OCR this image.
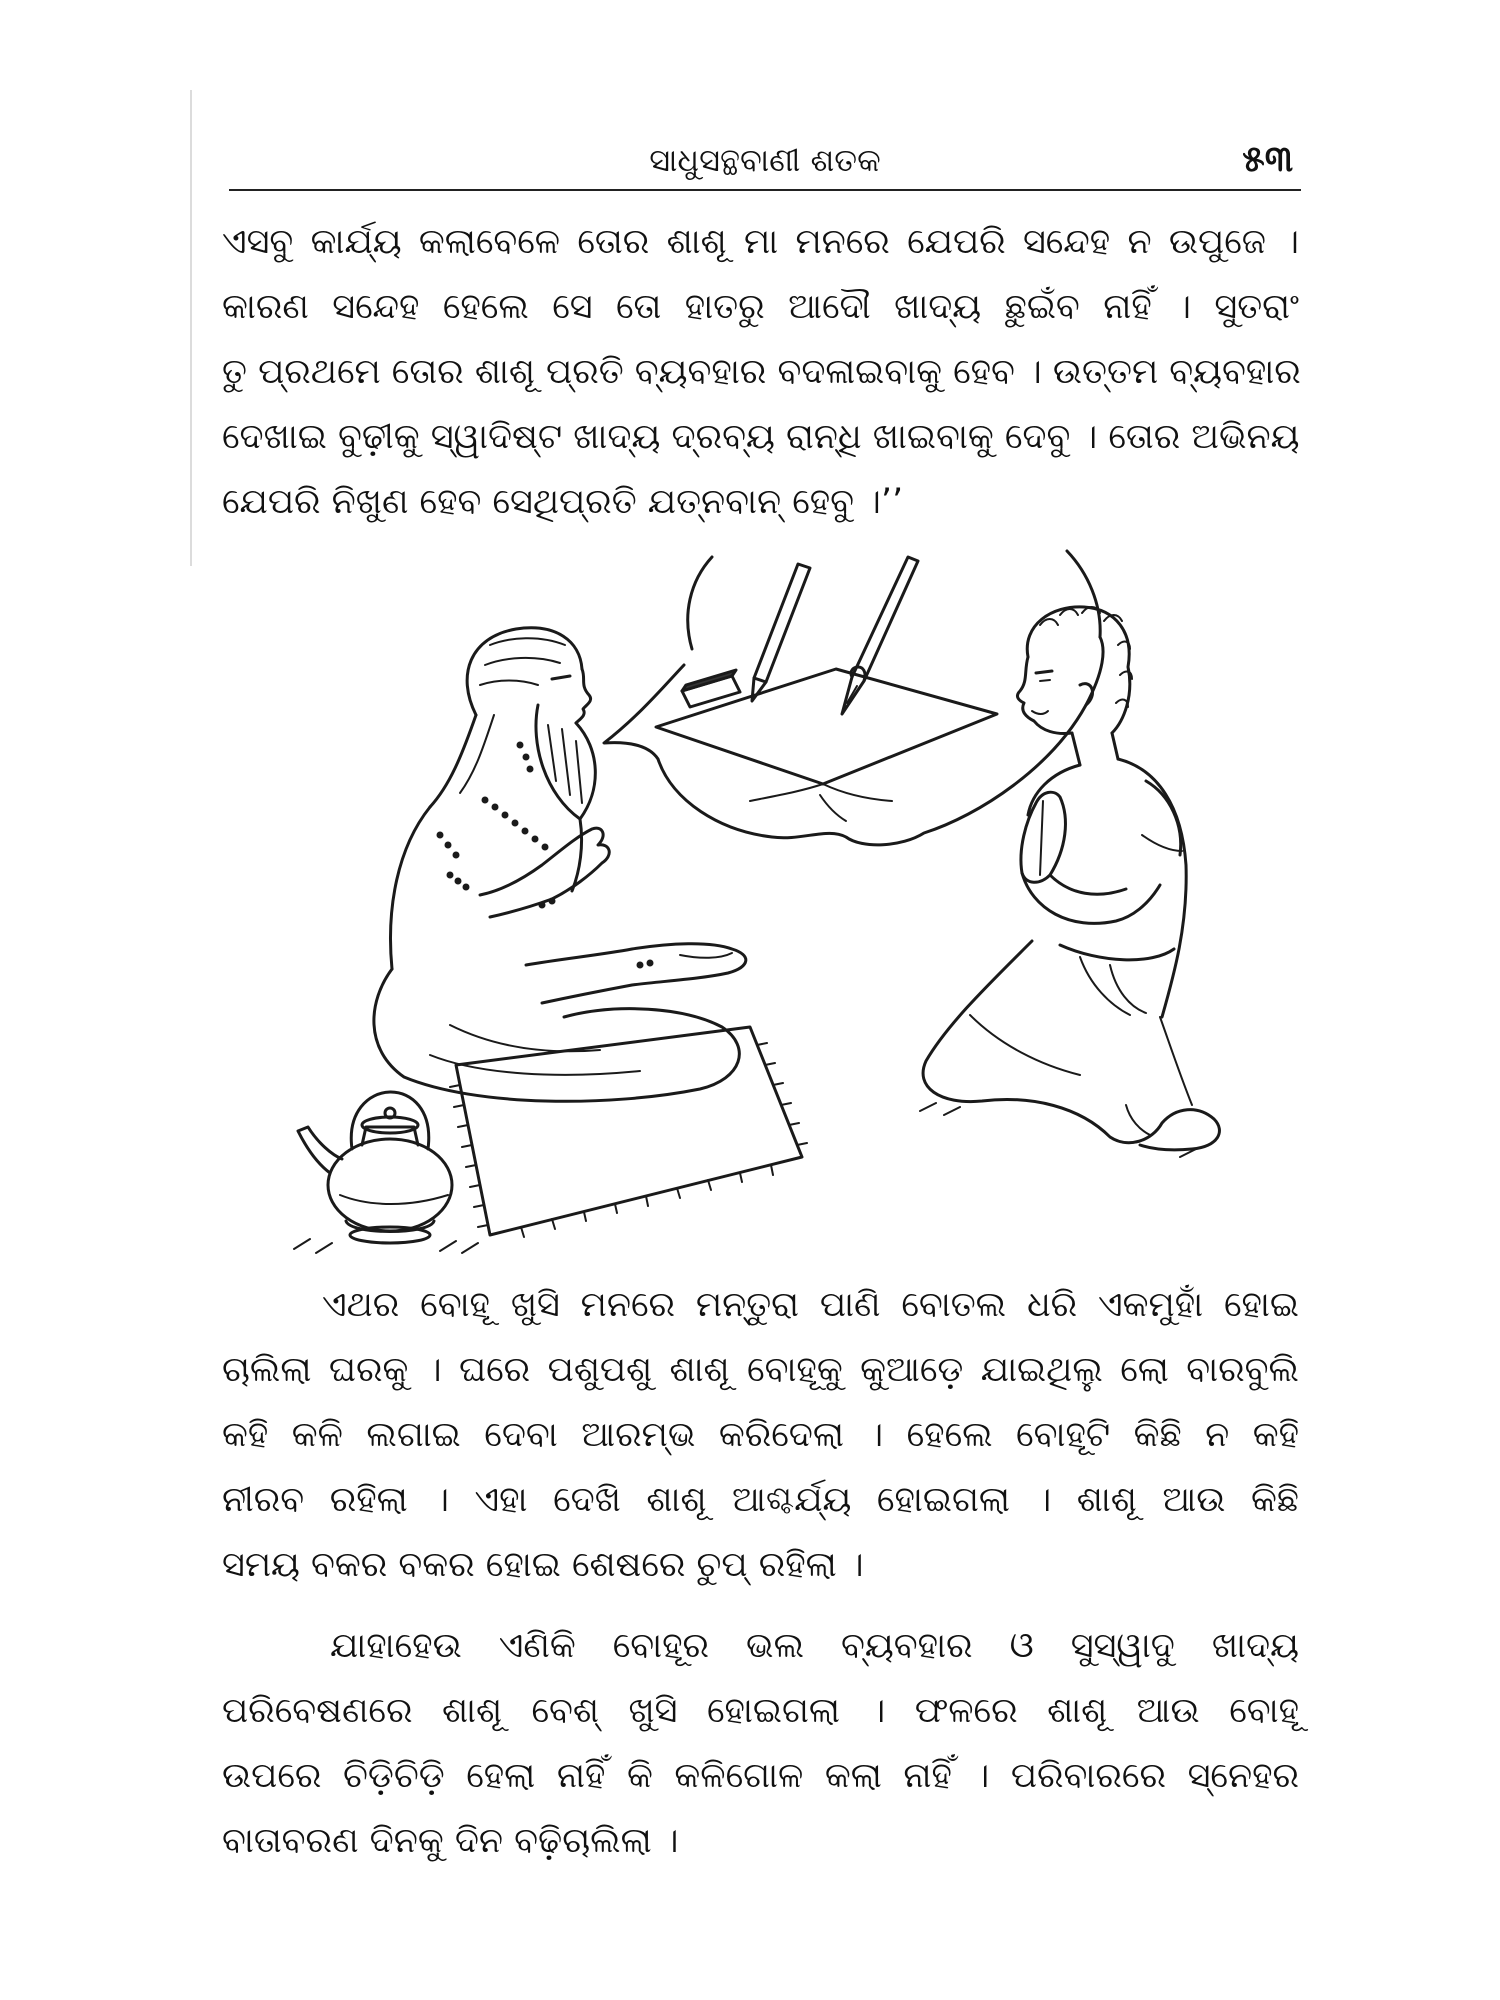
ସାଧୁସନ୍ଥବାଣୀ ଶତକ	୫୩
ଏସବୁ କାର୍ଯ୍ୟ କଲାବେଳେ ତୋର ଶାଶୂ ମା ମନରେ ଯେପରି ସନ୍ଦେହ ନ ଉପୁଜେ ।
କାରଣ ସନ୍ଦେହ ହେଲେ ସେ ତୋ ହାତରୁ ଆଦୌ ଖାଦ୍ୟ ଛୁଇଁବ ନାହିଁ । ସୁତରାଂ
ତୁ ପ୍ରଥମେ ତୋର ଶାଶୂ ପ୍ରତି ବ୍ୟବହାର ବଦଳାଇବାକୁ ହେବ । ଉତ୍ତମ ବ୍ୟବହାର
ଦେଖାଇ ବୁଢ଼ୀକୁ ସ୍ୱାଦିଷ୍ଟ ଖାଦ୍ୟ ଦ୍ରବ୍ୟ ରାନ୍ଧି ଖାଇବାକୁ ଦେବୁ । ତୋର ଅଭିନୟ
ଯେପରି ନିଖୁଣ ହେବ ସେଥିପ୍ରତି ଯତ୍ନବାନ୍ ହେବୁ ।’’
ଏଥର ବୋହୂ ଖୁସି ମନରେ ମନ୍ତୁରା ପାଣି ବୋତଲ ଧରି ଏକମୁହାଁ ହୋଇ
ଚାଲିଲା ଘରକୁ । ଘରେ ପଶୁପଶୁ ଶାଶୂ ବୋହୂକୁ କୁଆଡ଼େ ଯାଇଥିଲୁ ଲୋ ବାରବୁଲି
କହି କଳି ଲଗାଇ ଦେବା ଆରମ୍ଭ କରିଦେଲା । ହେଲେ ବୋହୂଟି କିଛି ନ କହି
ନୀରବ ରହିଲା । ଏହା ଦେଖି ଶାଶୂ ଆଶ୍ଚର୍ଯ୍ୟ ହୋଇଗଲା । ଶାଶୂ ଆଉ କିଛି
ସମୟ ବକର ବକର ହୋଇ ଶେଷରେ ଚୁପ୍ ରହିଲା ।
ଯାହାହେଉ ଏଣିକି ବୋହୂର ଭଲ ବ୍ୟବହାର ଓ ସୁସ୍ୱାଦୁ ଖାଦ୍ୟ
ପରିବେଷଣରେ ଶାଶୂ ବେଶ୍ ଖୁସି ହୋଇଗଲା । ଫଳରେ ଶାଶୂ ଆଉ ବୋହୂ
ଉପରେ ଚିଡ଼ିଚିଡ଼ି ହେଲା ନାହିଁ କି କଳିଗୋଳ କଲା ନାହିଁ । ପରିବାରରେ ସ୍ନେହର
ବାତାବରଣ ଦିନକୁ ଦିନ ବଢ଼ିଚାଲିଲା ।
